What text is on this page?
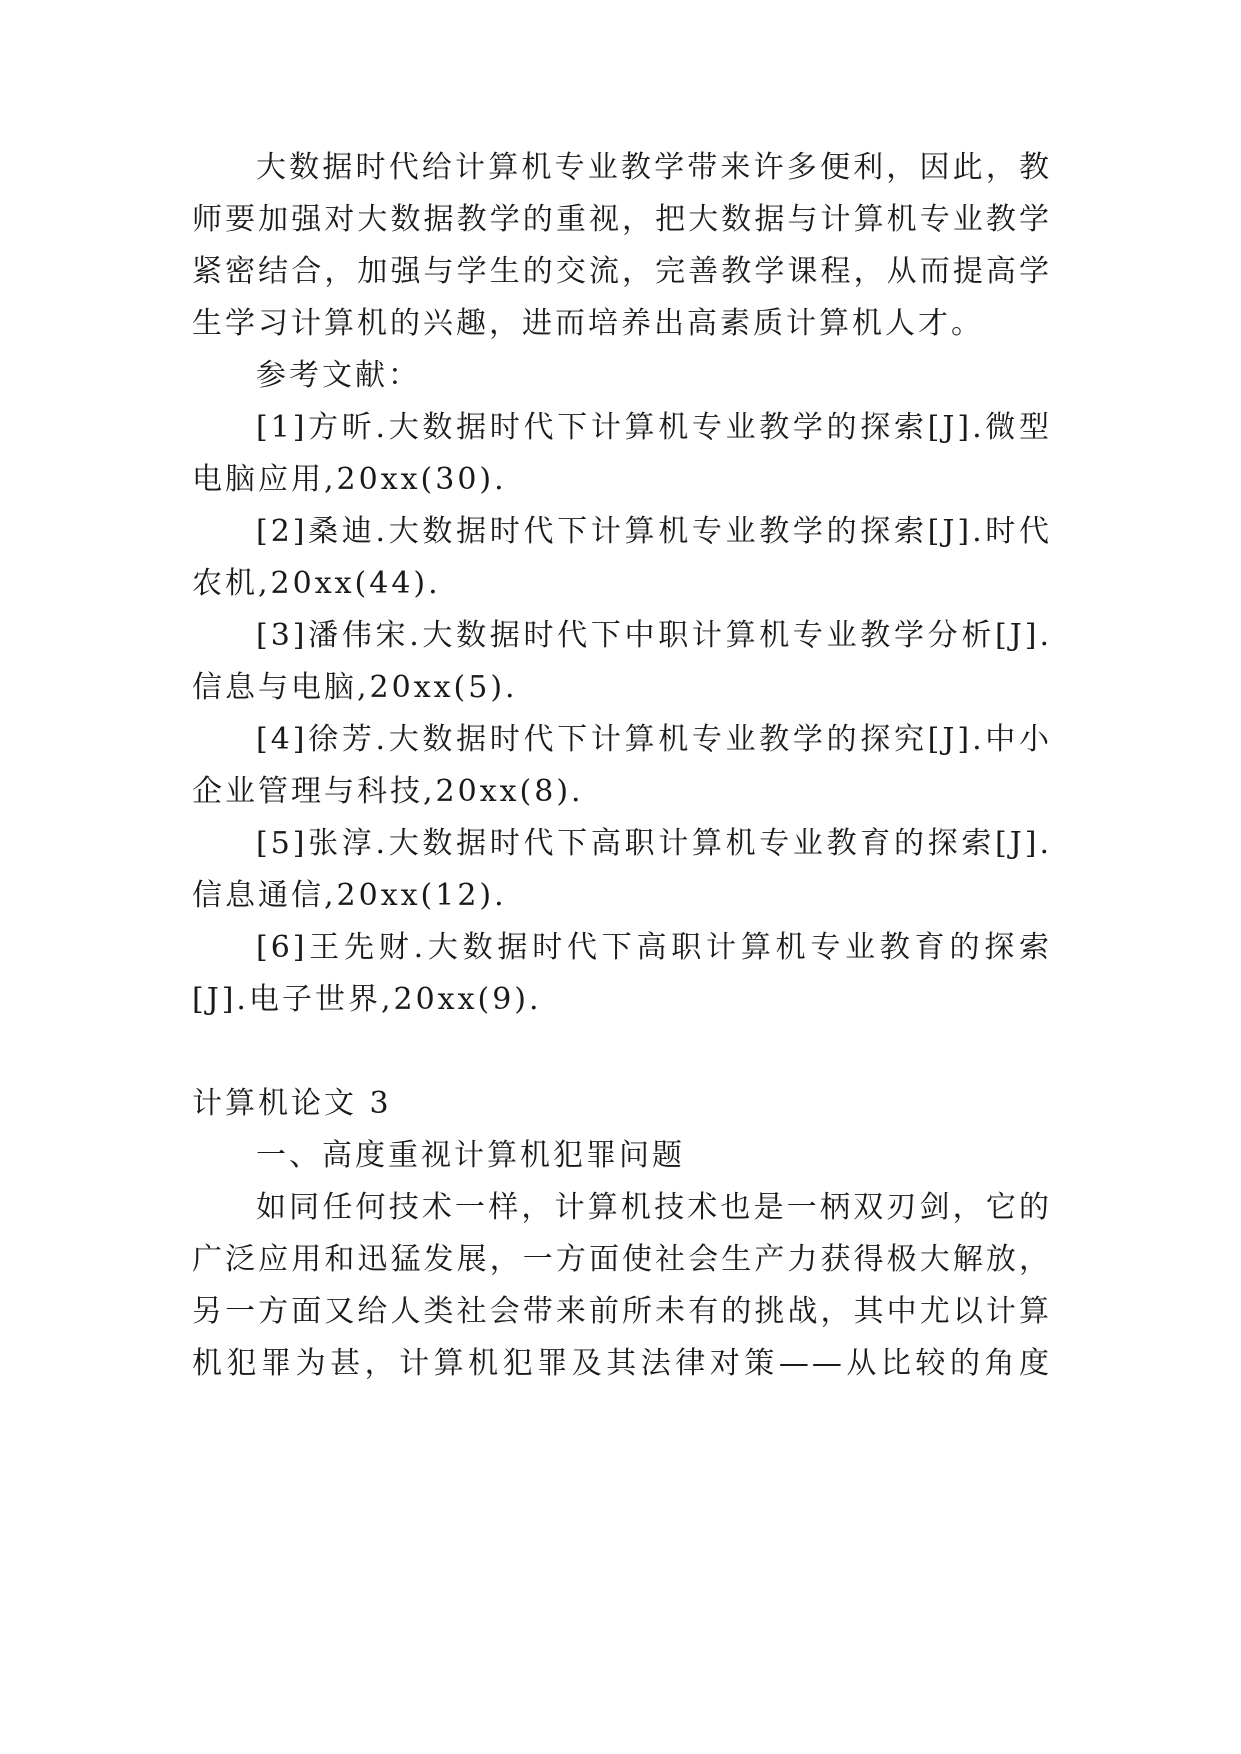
大数据时代给计算机专业教学带来许多便利，因此，教
师要加强对大数据教学的重视，把大数据与计算机专业教学
紧密结合，加强与学生的交流，完善教学课程，从而提高学
生学习计算机的兴趣，进而培养出高素质计算机人才。
参考文献：
[1]方昕.大数据时代下计算机专业教学的探索[J].微型
电脑应用,20xx(30).
[2]桑迪.大数据时代下计算机专业教学的探索[J].时代
农机,20xx(44).
[3]潘伟宋.大数据时代下中职计算机专业教学分析[J].
信息与电脑,20xx(5).
[4]徐芳.大数据时代下计算机专业教学的探究[J].中小
企业管理与科技,20xx(8).
[5]张淳.大数据时代下高职计算机专业教育的探索[J].
信息通信,20xx(12).
[6]王先财.大数据时代下高职计算机专业教育的探索
[J].电子世界,20xx(9).
计算机论文 3
一、高度重视计算机犯罪问题
如同任何技术一样，计算机技术也是一柄双刃剑，它的
广泛应用和迅猛发展，一方面使社会生产力获得极大解放，
另一方面又给人类社会带来前所未有的挑战，其中尤以计算
机犯罪为甚，计算机犯罪及其法律对策——从比较的角度
